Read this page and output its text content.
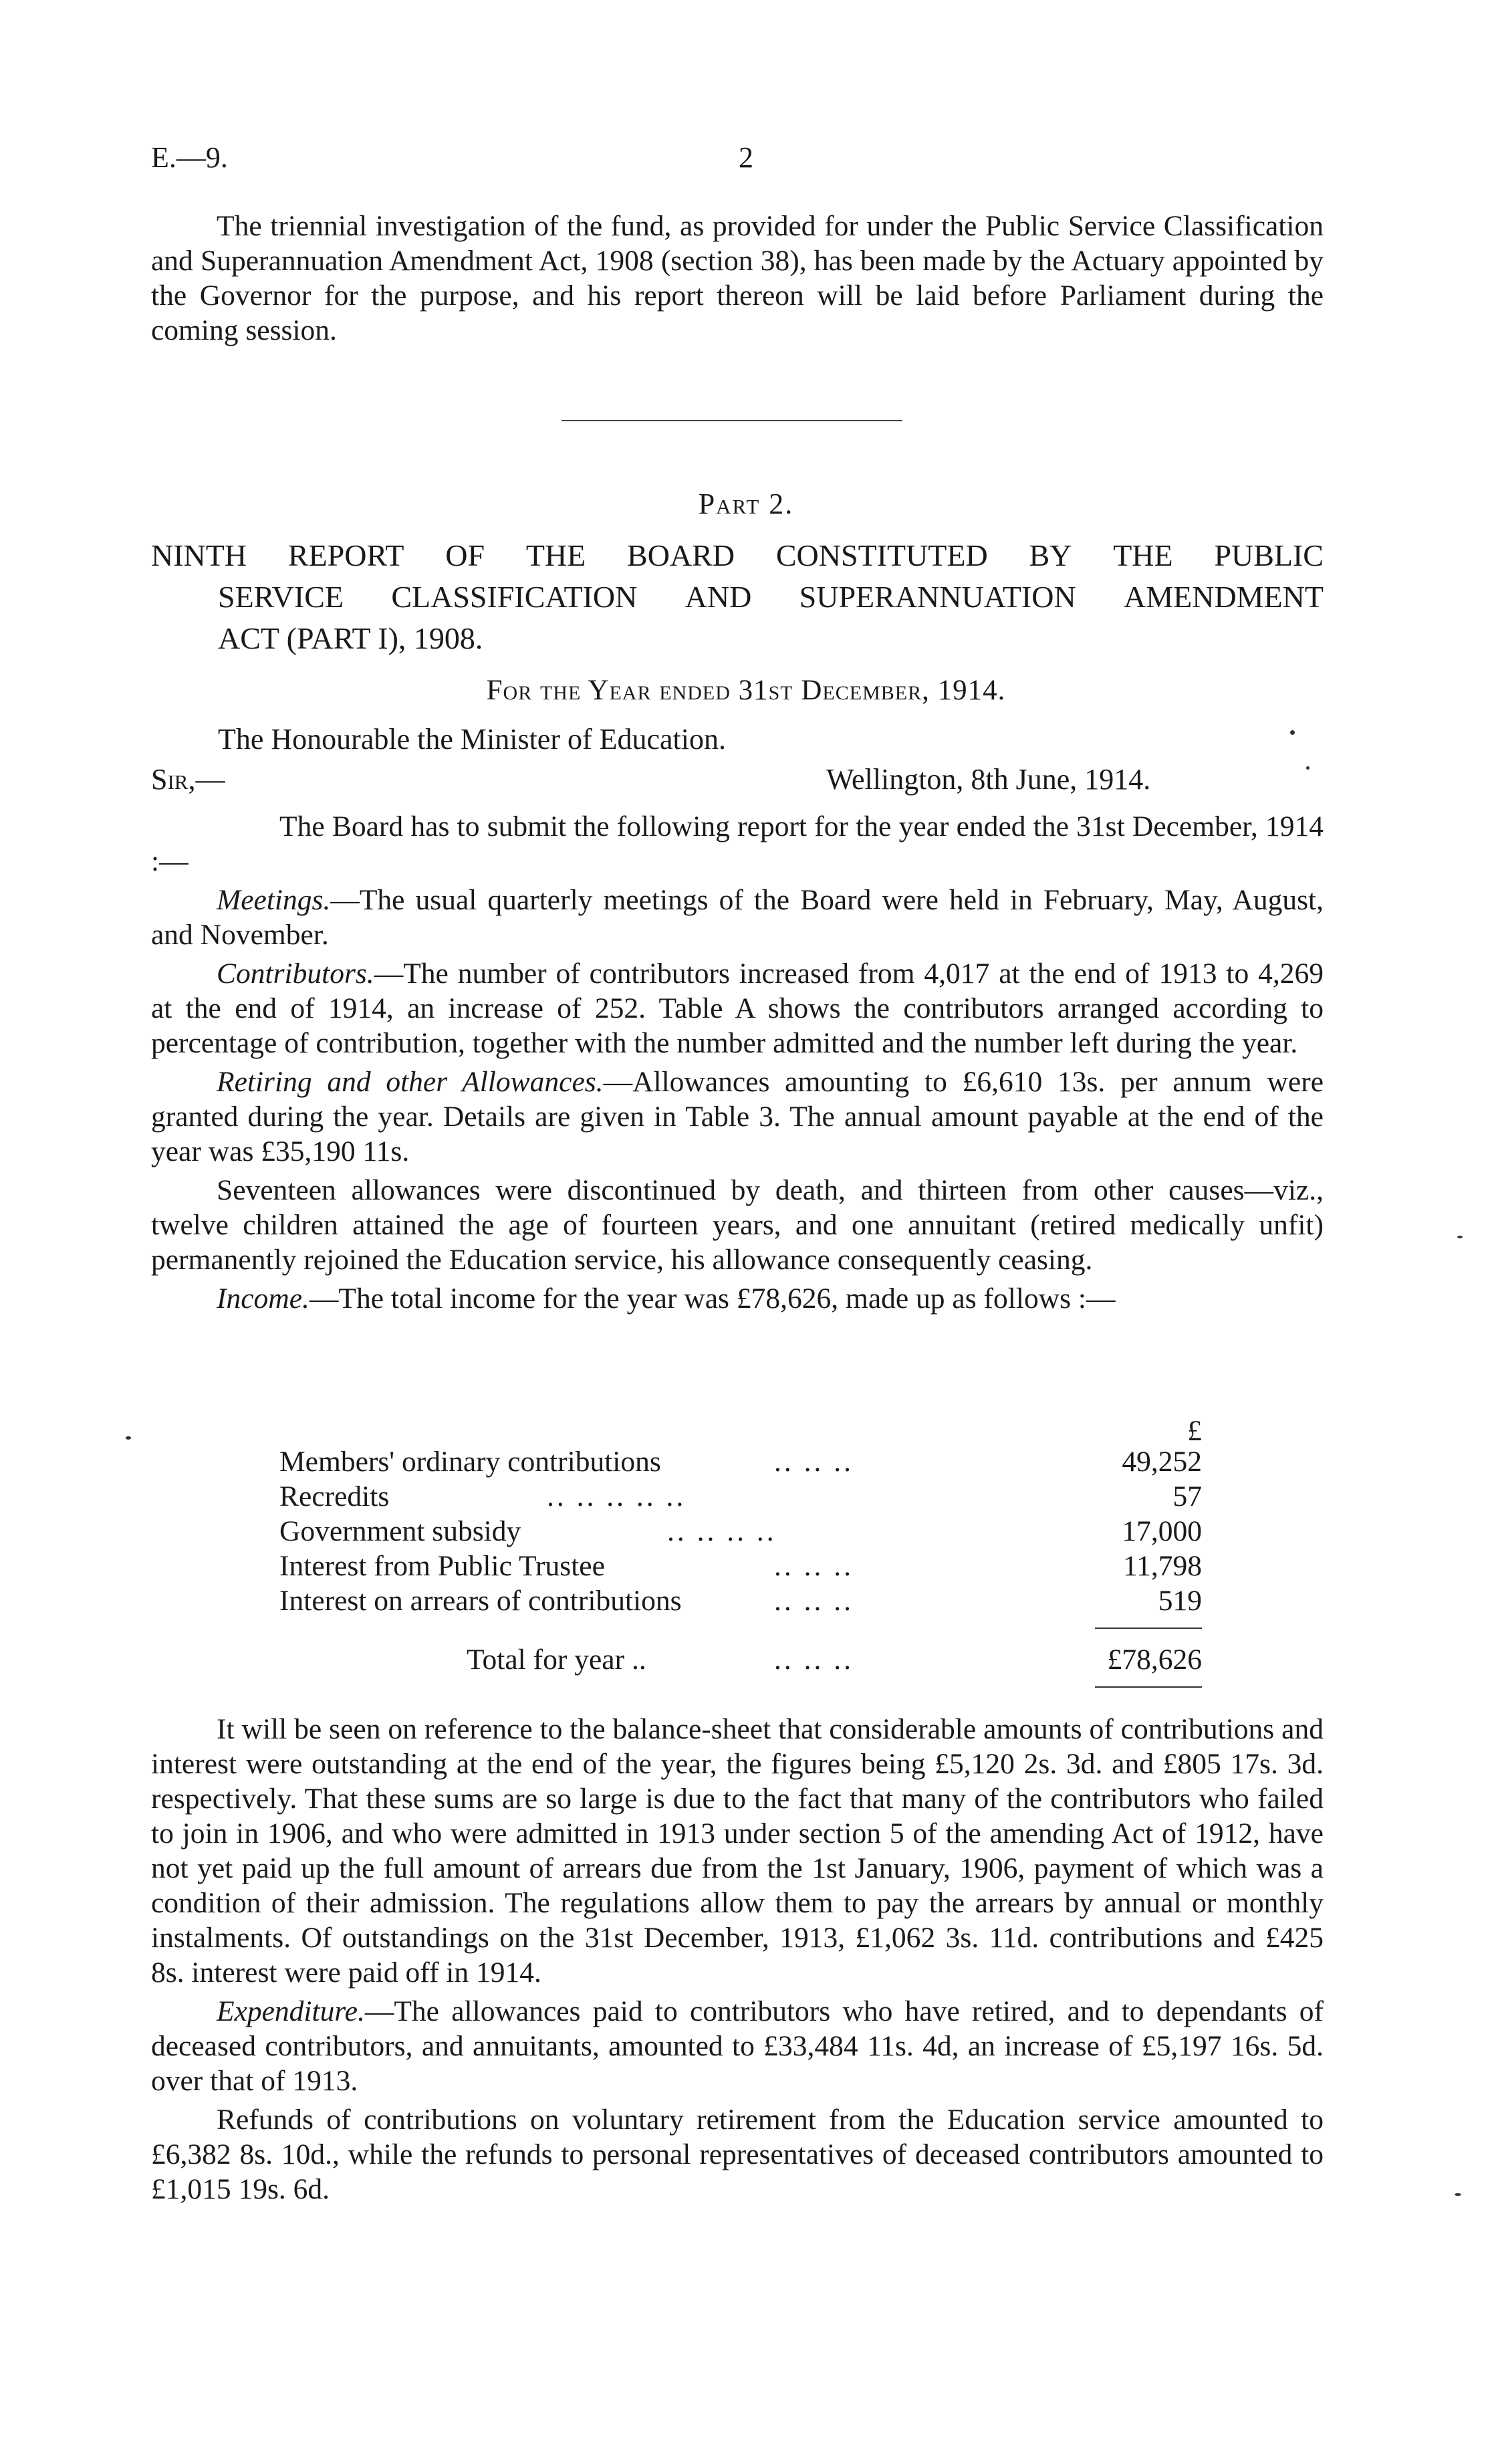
E.—9.	2

The triennial investigation of the fund, as provided for under the Public Service Classification and Superannuation Amendment Act, 1908 (section 38), has been made by the Actuary appointed by the Governor for the purpose, and his report thereon will be laid before Parliament during the coming session.

Part 2.
NINTH REPORT OF THE BOARD CONSTITUTED BY THE PUBLIC
SERVICE CLASSIFICATION AND SUPERANNUATION AMENDMENT
ACT (PART I), 1908.
For the Year ended 31st December, 1914.
The Honourable the Minister of Education.
Sir,—	Wellington, 8th June, 1914.

The Board has to submit the following report for the year ended the 31st December, 1914 :—

Meetings.—The usual quarterly meetings of the Board were held in February, May, August, and November.

Contributors.—The number of contributors increased from 4,017 at the end of 1913 to 4,269 at the end of 1914, an increase of 252. Table A shows the contributors arranged according to percentage of contribution, together with the number admitted and the number left during the year.

Retiring and other Allowances.—Allowances amounting to £6,610 13s. per annum were granted during the year. Details are given in Table 3. The annual amount payable at the end of the year was £35,190 11s.

Seventeen allowances were discontinued by death, and thirteen from other causes—viz., twelve children attained the age of fourteen years, and one annuitant (retired medically unfit) permanently rejoined the Education service, his allowance consequently ceasing.

Income.—The total income for the year was £78,626, made up as follows :—

£
Members' ordinary contributions	.. .. ..	49,252
Recredits	.. .. .. .. ..	57
Government subsidy	.. .. .. ..	17,000
Interest from Public Trustee	.. .. ..	11,798
Interest on arrears of contributions	.. .. ..	519
Total for year ..	.. .. ..	£78,626

It will be seen on reference to the balance-sheet that considerable amounts of contributions and interest were outstanding at the end of the year, the figures being £5,120 2s. 3d. and £805 17s. 3d. respectively. That these sums are so large is due to the fact that many of the contributors who failed to join in 1906, and who were admitted in 1913 under section 5 of the amending Act of 1912, have not yet paid up the full amount of arrears due from the 1st January, 1906, payment of which was a condition of their admission. The regulations allow them to pay the arrears by annual or monthly instalments. Of outstandings on the 31st December, 1913, £1,062 3s. 11d. contributions and £425 8s. interest were paid off in 1914.

Expenditure.—The allowances paid to contributors who have retired, and to dependants of deceased contributors, and annuitants, amounted to £33,484 11s. 4d, an increase of £5,197 16s. 5d. over that of 1913.

Refunds of contributions on voluntary retirement from the Education service amounted to £6,382 8s. 10d., while the refunds to personal representatives of deceased contributors amounted to £1,015 19s. 6d.
